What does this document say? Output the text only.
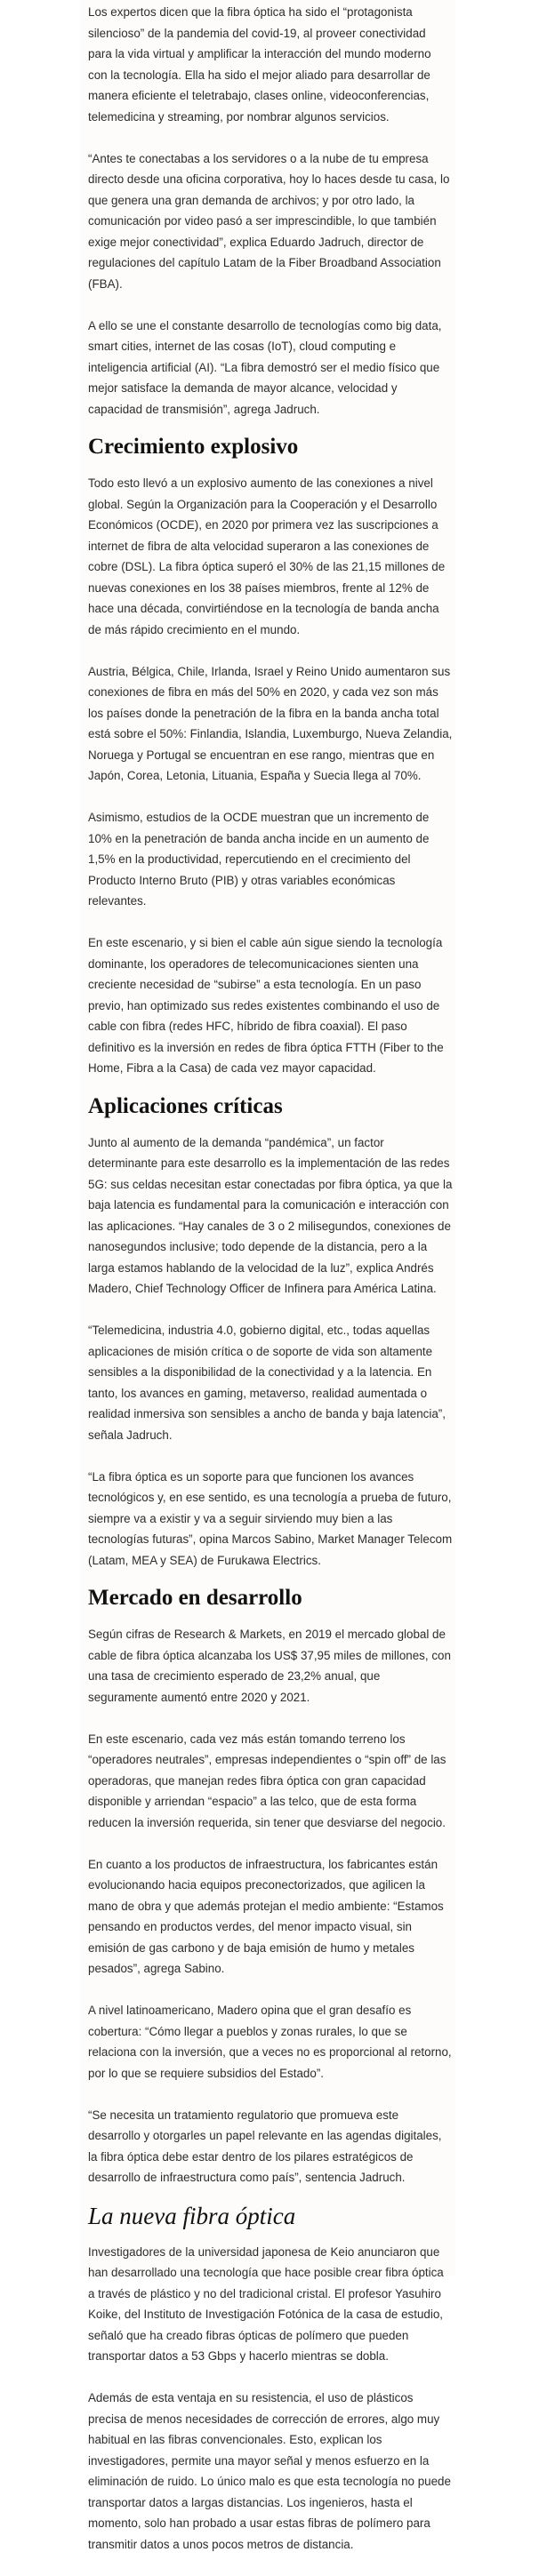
Los expertos dicen que la fibra óptica ha sido el “protagonista silencioso” de la pandemia del covid-19, al proveer conectividad para la vida virtual y amplificar la interacción del mundo moderno con la tecnología. Ella ha sido el mejor aliado para desarrollar de manera eficiente el teletrabajo, clases online, videoconferencias, telemedicina y streaming, por nombrar algunos servicios.

“Antes te conectabas a los servidores o a la nube de tu empresa directo desde una oficina corporativa, hoy lo haces desde tu casa, lo que genera una gran demanda de archivos; y por otro lado, la comunicación por video pasó a ser imprescindible, lo que también exige mejor conectividad”, explica Eduardo Jadruch, director de regulaciones del capítulo Latam de la Fiber Broadband Association (FBA).

A ello se une el constante desarrollo de tecnologías como big data, smart cities, internet de las cosas (IoT), cloud computing e inteligencia artificial (AI). “La fibra demostró ser el medio físico que mejor satisface la demanda de mayor alcance, velocidad y capacidad de transmisión”, agrega Jadruch.

Crecimiento explosivo

Todo esto llevó a un explosivo aumento de las conexiones a nivel global. Según la Organización para la Cooperación y el Desarrollo Económicos (OCDE), en 2020 por primera vez las suscripciones a internet de fibra de alta velocidad superaron a las conexiones de cobre (DSL). La fibra óptica superó el 30% de las 21,15 millones de nuevas conexiones en los 38 países miembros, frente al 12% de hace una década, convirtiéndose en la tecnología de banda ancha de más rápido crecimiento en el mundo.

Austria, Bélgica, Chile, Irlanda, Israel y Reino Unido aumentaron sus conexiones de fibra en más del 50% en 2020, y cada vez son más los países donde la penetración de la fibra en la banda ancha total está sobre el 50%: Finlandia, Islandia, Luxemburgo, Nueva Zelandia, Noruega y Portugal se encuentran en ese rango, mientras que en Japón, Corea, Letonia, Lituania, España y Suecia llega al 70%.

Asimismo, estudios de la OCDE muestran que un incremento de 10% en la penetración de banda ancha incide en un aumento de 1,5% en la productividad, repercutiendo en el crecimiento del Producto Interno Bruto (PIB) y otras variables económicas relevantes.

En este escenario, y si bien el cable aún sigue siendo la tecnología dominante, los operadores de telecomunicaciones sienten una creciente necesidad de “subirse” a esta tecnología. En un paso previo, han optimizado sus redes existentes combinando el uso de cable con fibra (redes HFC, híbrido de fibra coaxial). El paso definitivo es la inversión en redes de fibra óptica FTTH (Fiber to the Home, Fibra a la Casa) de cada vez mayor capacidad.

Aplicaciones críticas

Junto al aumento de la demanda “pandémica”, un factor determinante para este desarrollo es la implementación de las redes 5G: sus celdas necesitan estar conectadas por fibra óptica, ya que la baja latencia es fundamental para la comunicación e interacción con las aplicaciones. “Hay canales de 3 o 2 milisegundos, conexiones de nanosegundos inclusive; todo depende de la distancia, pero a la larga estamos hablando de la velocidad de la luz”, explica Andrés Madero, Chief Technology Officer de Infinera para América Latina.

“Telemedicina, industria 4.0, gobierno digital, etc., todas aquellas aplicaciones de misión crítica o de soporte de vida son altamente sensibles a la disponibilidad de la conectividad y a la latencia. En tanto, los avances en gaming, metaverso, realidad aumentada o realidad inmersiva son sensibles a ancho de banda y baja latencia”, señala Jadruch.

“La fibra óptica es un soporte para que funcionen los avances tecnológicos y, en ese sentido, es una tecnología a prueba de futuro, siempre va a existir y va a seguir sirviendo muy bien a las tecnologías futuras”, opina Marcos Sabino, Market Manager Telecom (Latam, MEA y SEA) de Furukawa Electrics.

Mercado en desarrollo

Según cifras de Research & Markets, en 2019 el mercado global de cable de fibra óptica alcanzaba los US$ 37,95 miles de millones, con una tasa de crecimiento esperado de 23,2% anual, que seguramente aumentó entre 2020 y 2021.

En este escenario, cada vez más están tomando terreno los “operadores neutrales”, empresas independientes o “spin off” de las operadoras, que manejan redes fibra óptica con gran capacidad disponible y arriendan “espacio” a las telco, que de esta forma reducen la inversión requerida, sin tener que desviarse del negocio.

En cuanto a los productos de infraestructura, los fabricantes están evolucionando hacia equipos preconectorizados, que agilicen la mano de obra y que además protejan el medio ambiente: “Estamos pensando en productos verdes, del menor impacto visual, sin emisión de gas carbono y de baja emisión de humo y metales pesados”, agrega Sabino.

A nivel latinoamericano, Madero opina que el gran desafío es cobertura: “Cómo llegar a pueblos y zonas rurales, lo que se relaciona con la inversión, que a veces no es proporcional al retorno, por lo que se requiere subsidios del Estado”.

“Se necesita un tratamiento regulatorio que promueva este desarrollo y otorgarles un papel relevante en las agendas digitales, la fibra óptica debe estar dentro de los pilares estratégicos de desarrollo de infraestructura como país”, sentencia Jadruch.

La nueva fibra óptica

Investigadores de la universidad japonesa de Keio anunciaron que han desarrollado una tecnología que hace posible crear fibra óptica a través de plástico y no del tradicional cristal. El profesor Yasuhiro Koike, del Instituto de Investigación Fotónica de la casa de estudio, señaló que ha creado fibras ópticas de polímero que pueden transportar datos a 53 Gbps y hacerlo mientras se dobla.

Además de esta ventaja en su resistencia, el uso de plásticos precisa de menos necesidades de corrección de errores, algo muy habitual en las fibras convencionales. Esto, explican los investigadores, permite una mayor señal y menos esfuerzo en la eliminación de ruido. Lo único malo es que esta tecnología no puede transportar datos a largas distancias. Los ingenieros, hasta el momento, solo han probado a usar estas fibras de polímero para transmitir datos a unos pocos metros de distancia.
